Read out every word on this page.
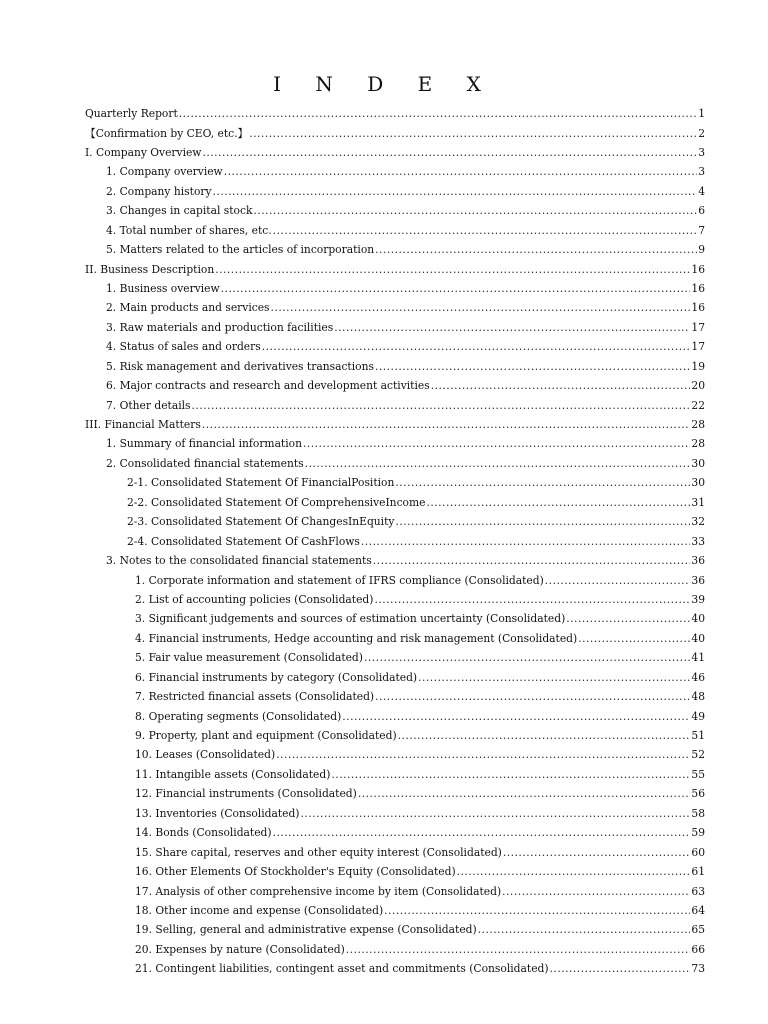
I N D E X
Quarterly Report .....	1
【Confirmation by CEO, etc.】 .....	2
I. Company Overview .....	3
1. Company overview .....	3
2. Company history .....	4
3. Changes in capital stock .....	6
4. Total number of shares, etc. .....	7
5. Matters related to the articles of incorporation .....	9
II. Business Description .....	16
1. Business overview .....	16
2. Main products and services .....	16
3. Raw materials and production facilities .....	17
4. Status of sales and orders .....	17
5. Risk management and derivatives transactions .....	19
6. Major contracts and research and development activities .....	20
7. Other details .....	22
III. Financial Matters .....	28
1. Summary of financial information .....	28
2. Consolidated financial statements .....	30
2-1. Consolidated Statement Of FinancialPosition .....	30
2-2. Consolidated Statement Of ComprehensiveIncome .....	31
2-3. Consolidated Statement Of ChangesInEquity .....	32
2-4. Consolidated Statement Of CashFlows .....	33
3. Notes to the consolidated financial statements .....	36
1. Corporate information and statement of IFRS compliance (Consolidated) .....	36
2. List of accounting policies (Consolidated) .....	39
3. Significant judgements and sources of estimation uncertainty (Consolidated) .....	40
4. Financial instruments, Hedge accounting and risk management (Consolidated) .....	40
5. Fair value measurement (Consolidated) .....	41
6. Financial instruments by category (Consolidated) .....	46
7. Restricted financial assets (Consolidated) .....	48
8. Operating segments (Consolidated) .....	49
9. Property, plant and equipment (Consolidated) .....	51
10. Leases (Consolidated) .....	52
11. Intangible assets (Consolidated) .....	55
12. Financial instruments (Consolidated) .....	56
13. Inventories (Consolidated) .....	58
14. Bonds (Consolidated) .....	59
15. Share capital, reserves and other equity interest (Consolidated) .....	60
16. Other Elements Of Stockholder's Equity (Consolidated) .....	61
17. Analysis of other comprehensive income by item (Consolidated) .....	63
18. Other income and expense (Consolidated) .....	64
19. Selling, general and administrative expense (Consolidated) .....	65
20. Expenses by nature (Consolidated) .....	66
21. Contingent liabilities, contingent asset and commitments (Consolidated) .....	73
